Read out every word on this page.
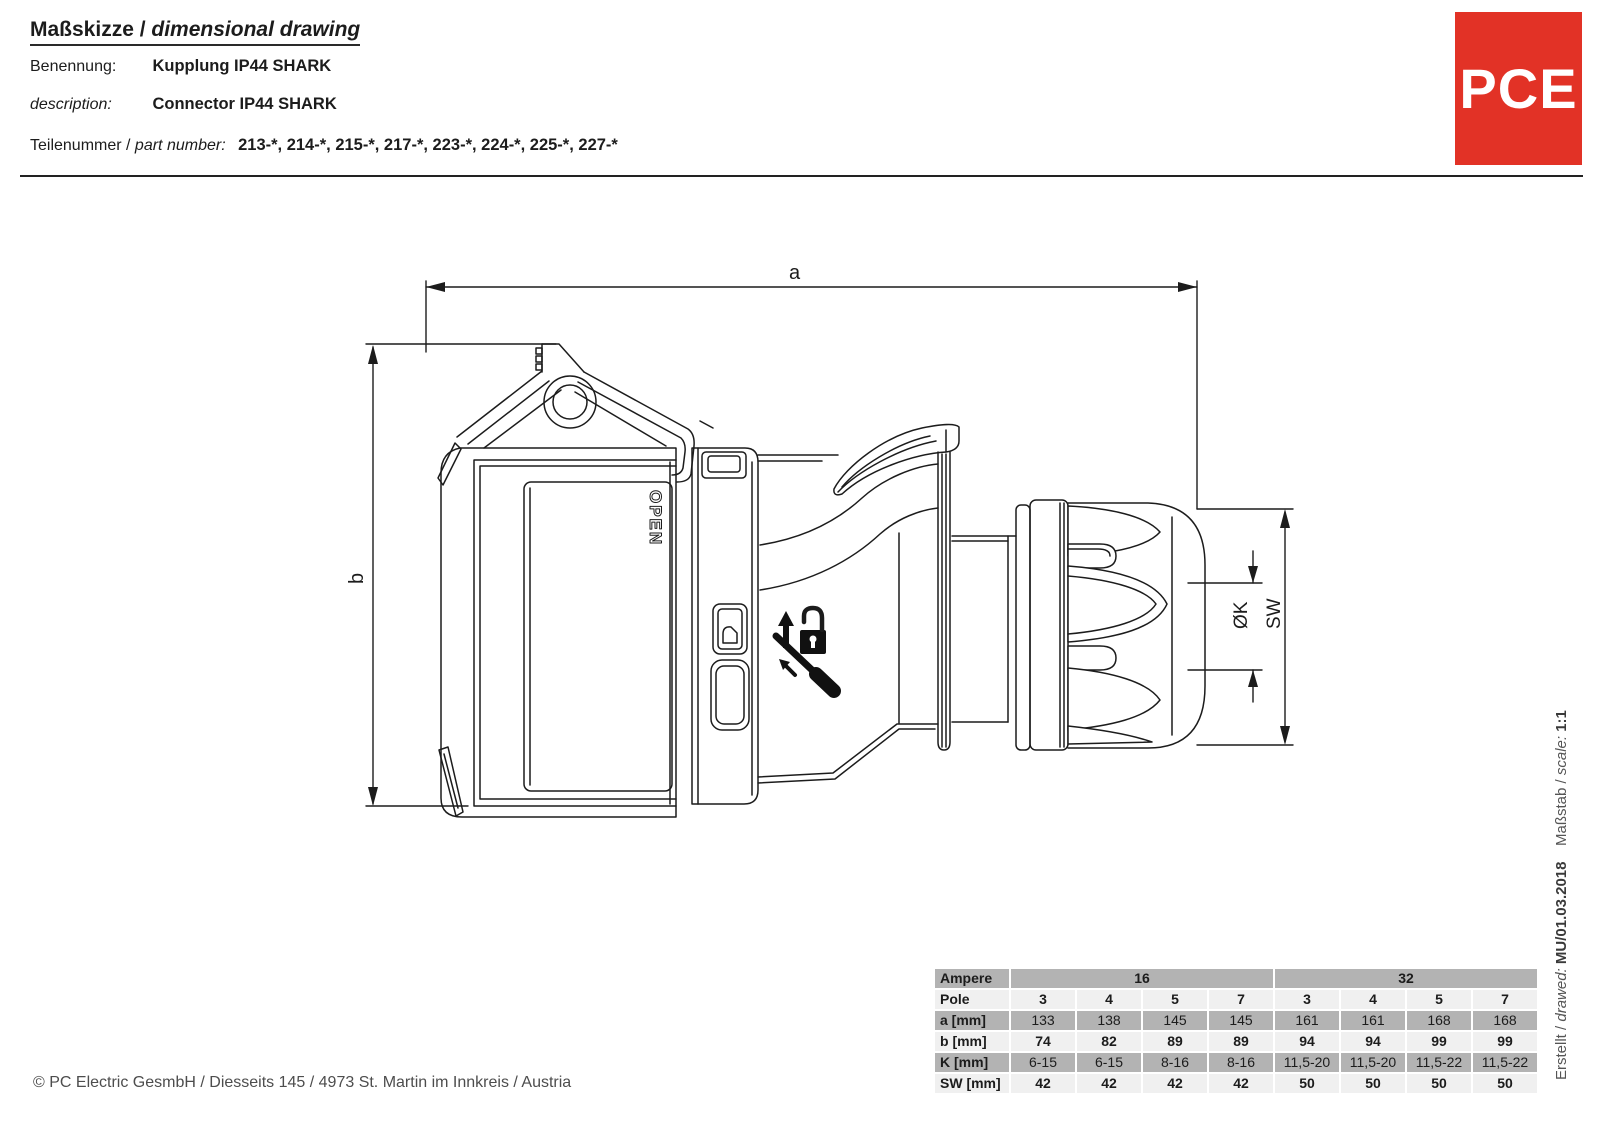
Maßskizze / dimensional drawing
Benennung: Kupplung IP44 SHARK
description: Connector IP44 SHARK
Teilenummer / part number: 213-*, 214-*, 215-*, 217-*, 223-*, 224-*, 225-*, 227-*
PCE
a
b
OPEN
SW
ØK
Ampere	16				32			
Pole	3	4	5	7	3	4	5	7
a [mm]	133	138	145	145	161	161	168	168
b [mm]	74	82	89	89	94	94	99	99
K [mm]	6-15	6-15	8-16	8-16	11,5-20	11,5-20	11,5-22	11,5-22
SW [mm]	42	42	42	42	50	50	50	50
Maßstab / scale: 1:1
Erstellt / drawed: MU/01.03.2018
© PC Electric GesmbH / Diesseits 145 / 4973 St. Martin im Innkreis / Austria
